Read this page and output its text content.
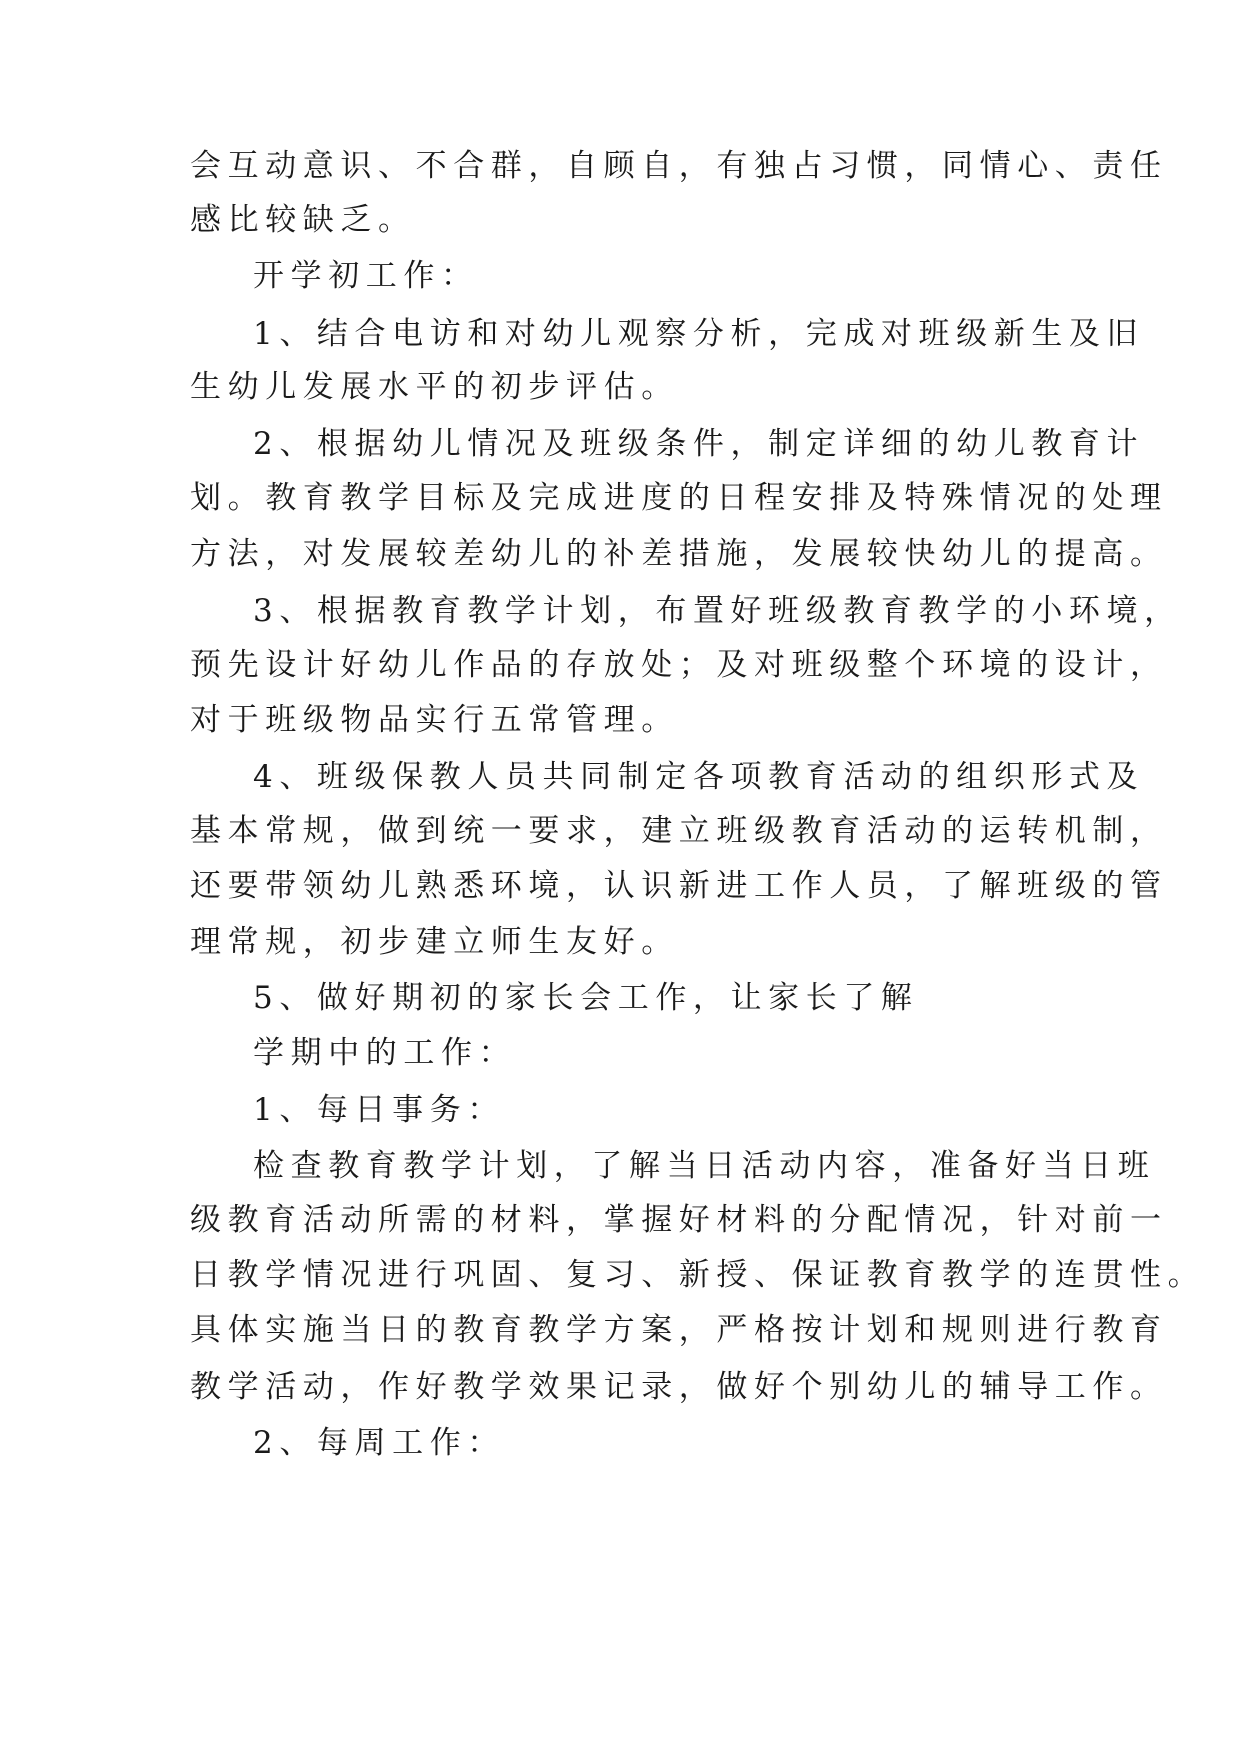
会互动意识、不合群，自顾自，有独占习惯，同情心、责任
感比较缺乏。
开学初工作：
1、结合电访和对幼儿观察分析，完成对班级新生及旧
生幼儿发展水平的初步评估。
2、根据幼儿情况及班级条件，制定详细的幼儿教育计
划。教育教学目标及完成进度的日程安排及特殊情况的处理
方法，对发展较差幼儿的补差措施，发展较快幼儿的提高。
3、根据教育教学计划，布置好班级教育教学的小环境，
预先设计好幼儿作品的存放处；及对班级整个环境的设计，
对于班级物品实行五常管理。
4、班级保教人员共同制定各项教育活动的组织形式及
基本常规，做到统一要求，建立班级教育活动的运转机制，
还要带领幼儿熟悉环境，认识新进工作人员，了解班级的管
理常规，初步建立师生友好。
5、做好期初的家长会工作，让家长了解
学期中的工作：
1、每日事务：
检查教育教学计划，了解当日活动内容，准备好当日班
级教育活动所需的材料，掌握好材料的分配情况，针对前一
日教学情况进行巩固、复习、新授、保证教育教学的连贯性。
具体实施当日的教育教学方案，严格按计划和规则进行教育
教学活动，作好教学效果记录，做好个别幼儿的辅导工作。
2、每周工作：
